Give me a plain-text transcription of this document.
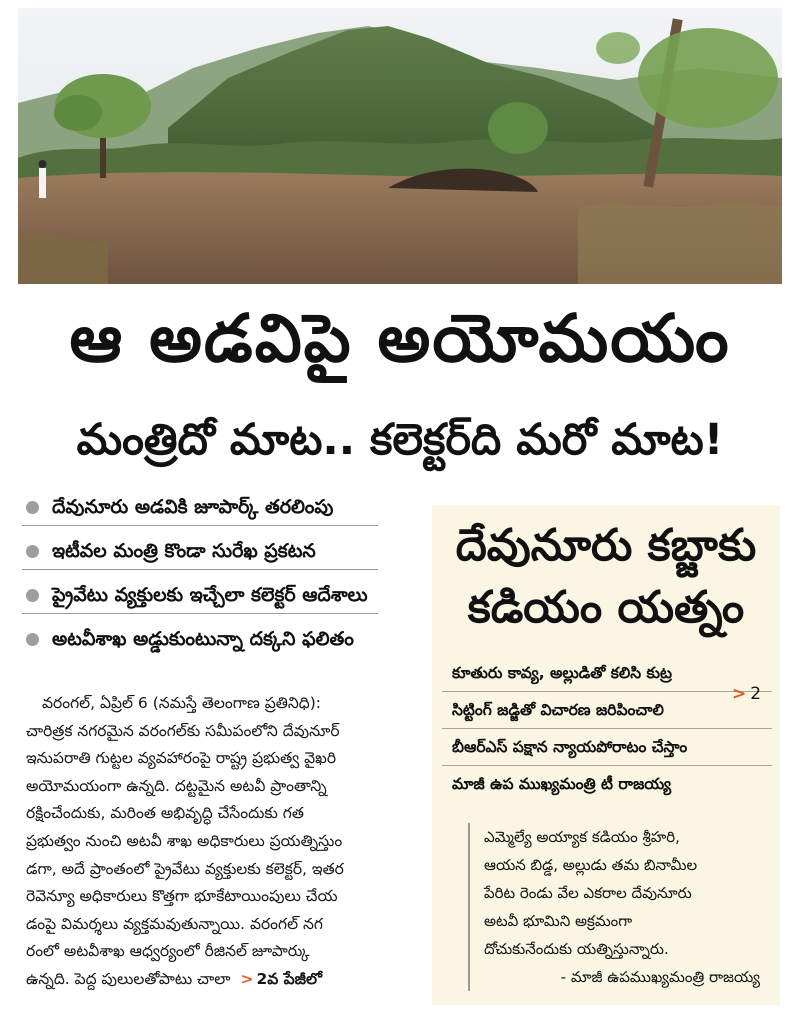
ఆ అడవిపై అయోమయం
మంత్రిదో మాట.. కలెక్టర్‌ది మరో మాట!
దేవునూరు అడవికి జూపార్క్‌ తరలింపు
ఇటీవల మంత్రి కొండా సురేఖ ప్రకటన
ప్రైవేటు వ్యక్తులకు ఇచ్చేలా కలెక్టర్‌ ఆదేశాలు
అటవీశాఖ అడ్డుకుంటున్నా దక్కని ఫలితం

వరంగల్‌, ఏప్రిల్‌ 6 (నమస్తే తెలంగాణ ప్రతినిధి):

చారిత్రక నగరమైన వరంగల్‌కు సమీపంలోని దేవునూర్‌

ఇనుపరాతి గుట్టల వ్యవహారంపై రాష్ట్ర ప్రభుత్వ వైఖరి

అయోమయంగా ఉన్నది. దట్టమైన అటవీ ప్రాంతాన్ని

రక్షించేందుకు, మరింత అభివృద్ధి చేసేందుకు గత

ప్రభుత్వం నుంచి అటవీ శాఖ అధికారులు ప్రయత్నిస్తుం

డగా, అదే ప్రాంతంలో ప్రైవేటు వ్యక్తులకు కలెక్టర్‌, ఇతర

రెవెన్యూ అధికారులు కొత్తగా భూకేటాయింపులు చేయ

డంపై విమర్శలు వ్యక్తమవుతున్నాయి. వరంగల్‌ నగ

రంలో అటవీశాఖ ఆధ్వర్యంలో రీజినల్‌ జూపార్కు

ఉన్నది. పెద్ద పులులతోపాటు చాలా > 2వ పేజీలో

దేవునూరు కబ్జాకు
కడియం యత్నం
కూతురు కావ్య, అల్లుడితో కలిసి కుట్ర
సిట్టింగ్‌ జడ్జితో విచారణ జరిపించాలి
బీఆర్‌ఎస్‌ పక్షాన న్యాయపోరాటం చేస్తాం
మాజీ ఉప ముఖ్యమంత్రి టీ రాజయ్య
> 2

ఎమ్మెల్యే అయ్యాక కడియం శ్రీహరి,

ఆయన బిడ్డ, అల్లుడు తమ బినామీల

పేరిట రెండు వేల ఎకరాల దేవునూరు

అటవీ భూమిని అక్రమంగా

దోచుకునేందుకు యత్నిస్తున్నారు.

- మాజీ ఉపముఖ్యమంత్రి రాజయ్య
